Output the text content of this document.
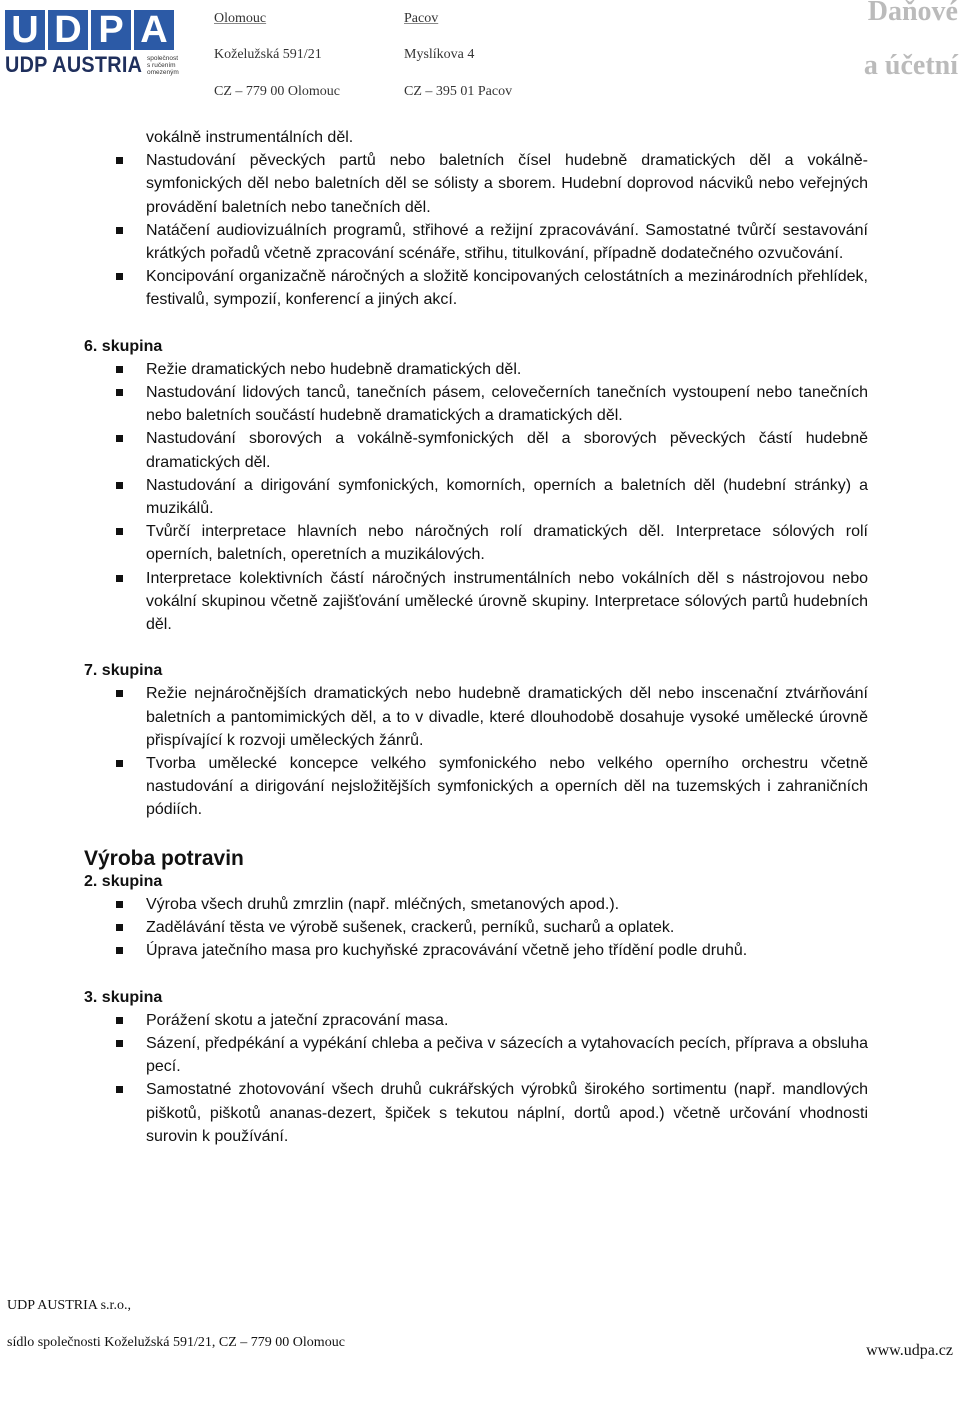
U D P A
UDP AUSTRIA společnost
s ručením
omezeným
Olomouc
Koželužská 591/21
CZ – 779 00 Olomouc
Pacov
Myslíkova 4
CZ – 395 01 Pacov
Daňové
a účetní
vokálně instrumentálních děl.
Nastudování pěveckých partů nebo baletních čísel hudebně dramatických děl a vokálně-symfonických děl nebo baletních děl se sólisty a sborem. Hudební doprovod nácviků nebo veřejných provádění baletních nebo tanečních děl.
Natáčení audiovizuálních programů, střihové a režijní zpracovávání. Samostatné tvůrčí sestavování krátkých pořadů včetně zpracování scénáře, střihu, titulkování, případně dodatečného ozvučování.
Koncipování organizačně náročných a složitě koncipovaných celostátních a mezinárodních přehlídek, festivalů, sympozií, konferencí a jiných akcí.
6. skupina
Režie dramatických nebo hudebně dramatických děl.
Nastudování lidových tanců, tanečních pásem, celovečerních tanečních vystoupení nebo tanečních nebo baletních součástí hudebně dramatických a dramatických děl.
Nastudování sborových a vokálně-symfonických děl a sborových pěveckých částí hudebně dramatických děl.
Nastudování a dirigování symfonických, komorních, operních a baletních děl (hudební stránky) a muzikálů.
Tvůrčí interpretace hlavních nebo náročných rolí dramatických děl. Interpretace sólových rolí operních, baletních, operetních a muzikálových.
Interpretace kolektivních částí náročných instrumentálních nebo vokálních děl s nástrojovou nebo vokální skupinou včetně zajišťování umělecké úrovně skupiny. Interpretace sólových partů hudebních děl.
7. skupina
Režie nejnáročnějších dramatických nebo hudebně dramatických děl nebo inscenační ztvárňování baletních a pantomimických děl, a to v divadle, které dlouhodobě dosahuje vysoké umělecké úrovně přispívající k rozvoji uměleckých žánrů.
Tvorba umělecké koncepce velkého symfonického nebo velkého operního orchestru včetně nastudování a dirigování nejsložitějších symfonických a operních děl na tuzemských i zahraničních pódiích.
Výroba potravin
2. skupina
Výroba všech druhů zmrzlin (např. mléčných, smetanových apod.).
Zadělávání těsta ve výrobě sušenek, crackerů, perníků, sucharů a oplatek.
Úprava jatečního masa pro kuchyňské zpracovávání včetně jeho třídění podle druhů.
3. skupina
Porážení skotu a jateční zpracování masa.
Sázení, předpékání a vypékání chleba a pečiva v sázecích a vytahovacích pecích, příprava a obsluha pecí.
Samostatné zhotovování všech druhů cukrářských výrobků širokého sortimentu (např. mandlových piškotů, piškotů ananas-dezert, špiček s tekutou náplní, dortů apod.) včetně určování vhodnosti surovin k používání.
UDP AUSTRIA s.r.o.,
sídlo společnosti Koželužská 591/21, CZ – 779 00 Olomouc	www.udpa.cz
